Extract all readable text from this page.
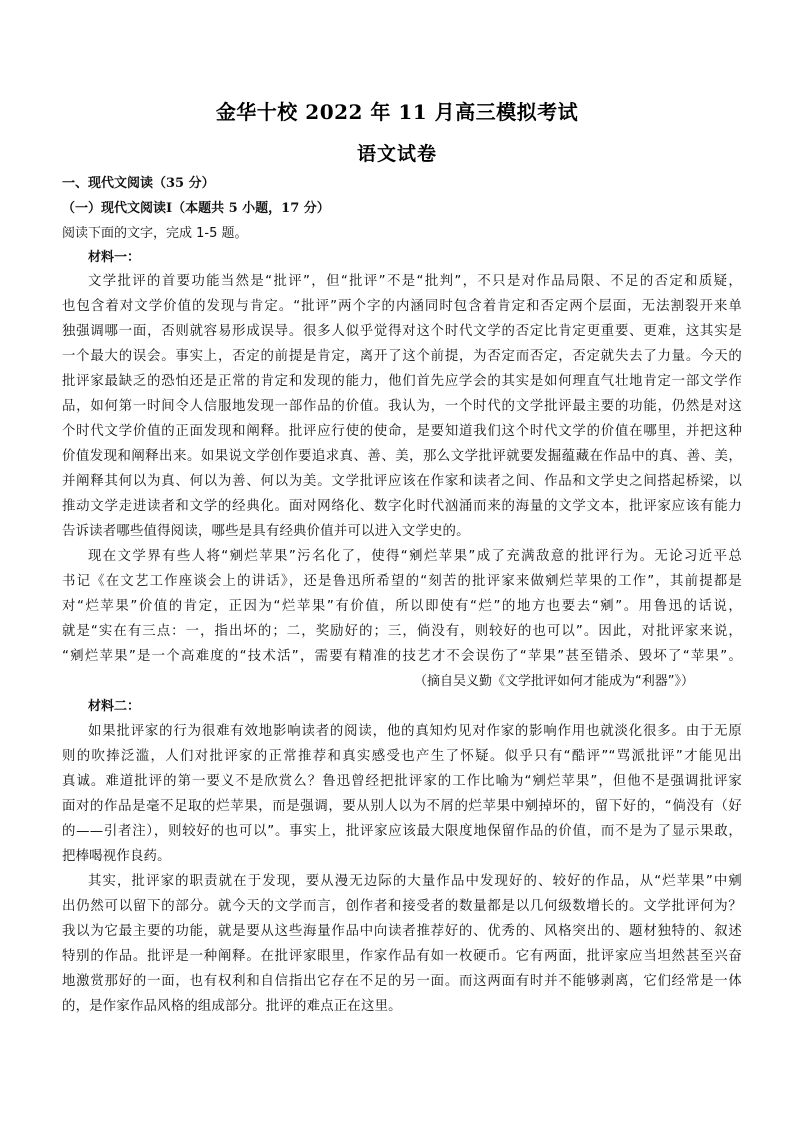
金华十校 2022 年 11 月高三模拟考试
语文试卷
一、现代文阅读（35 分）
（一）现代文阅读Ⅰ（本题共 5 小题，17 分）
阅读下面的文字，完成 1-5 题。
材料一：
文学批评的首要功能当然是“批评”，但“批评”不是“批判”，不只是对作品局限、不足的否定和质疑，
也包含着对文学价值的发现与肯定。“批评”两个字的内涵同时包含着肯定和否定两个层面，无法割裂开来单
独强调哪一面，否则就容易形成误导。很多人似乎觉得对这个时代文学的否定比肯定更重要、更难，这其实是
一个最大的误会。事实上，否定的前提是肯定，离开了这个前提，为否定而否定，否定就失去了力量。今天的
批评家最缺乏的恐怕还是正常的肯定和发现的能力，他们首先应学会的其实是如何理直气壮地肯定一部文学作
品，如何第一时间令人信服地发现一部作品的价值。我认为，一个时代的文学批评最主要的功能，仍然是对这
个时代文学价值的正面发现和阐释。批评应行使的使命，是要知道我们这个时代文学的价值在哪里，并把这种
价值发现和阐释出来。如果说文学创作要追求真、善、美，那么文学批评就要发掘蕴藏在作品中的真、善、美，
并阐释其何以为真、何以为善、何以为美。文学批评应该在作家和读者之间、作品和文学史之间搭起桥梁，以
推动文学走进读者和文学的经典化。面对网络化、数字化时代汹涌而来的海量的文学文本，批评家应该有能力
告诉读者哪些值得阅读，哪些是具有经典价值并可以进入文学史的。
现在文学界有些人将“剜烂苹果”污名化了，使得“剜烂苹果”成了充满敌意的批评行为。无论习近平总
书记《在文艺工作座谈会上的讲话》，还是鲁迅所希望的“刻苦的批评家来做剜烂苹果的工作”，其前提都是
对“烂苹果”价值的肯定，正因为“烂苹果”有价值，所以即使有“烂”的地方也要去“剜”。用鲁迅的话说，
就是“实在有三点：一，指出坏的；二，奖励好的；三，倘没有，则较好的也可以”。因此，对批评家来说，
“剜烂苹果”是一个高难度的“技术活”，需要有精准的技艺才不会误伤了“苹果”甚至错杀、毁坏了“苹果”。
（摘自吴义勤《文学批评如何才能成为“利器”》）
材料二：
如果批评家的行为很难有效地影响读者的阅读，他的真知灼见对作家的影响作用也就淡化很多。由于无原
则的吹捧泛滥，人们对批评家的正常推荐和真实感受也产生了怀疑。似乎只有“酷评”“骂派批评”才能见出
真诚。难道批评的第一要义不是欣赏么？鲁迅曾经把批评家的工作比喻为“剜烂苹果”，但他不是强调批评家
面对的作品是毫不足取的烂苹果，而是强调，要从别人以为不屑的烂苹果中剜掉坏的，留下好的，“倘没有（好
的——引者注），则较好的也可以”。事实上，批评家应该最大限度地保留作品的价值，而不是为了显示果敢，
把棒喝视作良药。
其实，批评家的职责就在于发现，要从漫无边际的大量作品中发现好的、较好的作品，从“烂苹果”中剜
出仍然可以留下的部分。就今天的文学而言，创作者和接受者的数量都是以几何级数增长的。文学批评何为？
我以为它最主要的功能，就是要从这些海量作品中向读者推荐好的、优秀的、风格突出的、题材独特的、叙述
特别的作品。批评是一种阐释。在批评家眼里，作家作品有如一枚硬币。它有两面，批评家应当坦然甚至兴奋
地激赏那好的一面，也有权利和自信指出它存在不足的另一面。而这两面有时并不能够剥离，它们经常是一体
的，是作家作品风格的组成部分。批评的难点正在这里。
